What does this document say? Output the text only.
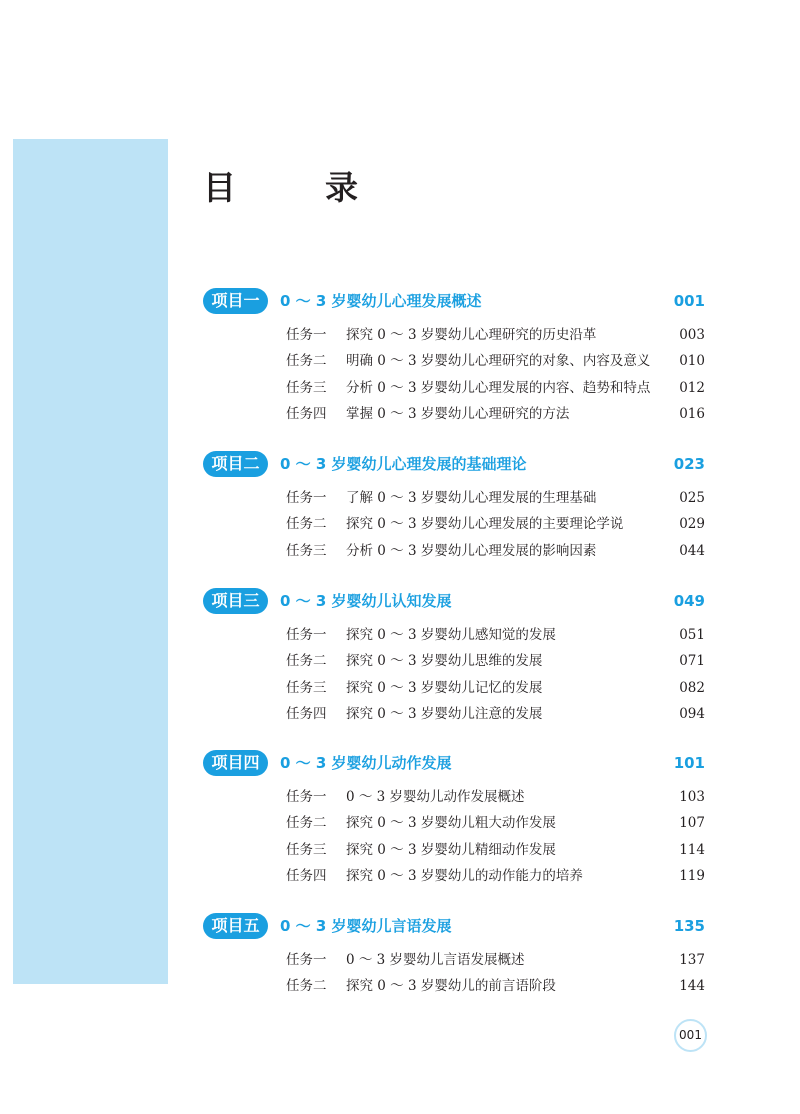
目　录
项目一	0 ～ 3 岁婴幼儿心理发展概述	001
任务一 探究 0 ～ 3 岁婴幼儿心理研究的历史沿革	003
任务二 明确 0 ～ 3 岁婴幼儿心理研究的对象、内容及意义 010
任务三 分析 0 ～ 3 岁婴幼儿心理发展的内容、趋势和特点 012
任务四 掌握 0 ～ 3 岁婴幼儿心理研究的方法	016
项目二	0 ～ 3 岁婴幼儿心理发展的基础理论	023
任务一 了解 0 ～ 3 岁婴幼儿心理发展的生理基础	025
任务二 探究 0 ～ 3 岁婴幼儿心理发展的主要理论学说	029
任务三 分析 0 ～ 3 岁婴幼儿心理发展的影响因素	044
项目三	0 ～ 3 岁婴幼儿认知发展	049
任务一 探究 0 ～ 3 岁婴幼儿感知觉的发展	051
任务二 探究 0 ～ 3 岁婴幼儿思维的发展	071
任务三 探究 0 ～ 3 岁婴幼儿记忆的发展	082
任务四 探究 0 ～ 3 岁婴幼儿注意的发展	094
项目四	0 ～ 3 岁婴幼儿动作发展	101
任务一 0 ～ 3 岁婴幼儿动作发展概述	103
任务二 探究 0 ～ 3 岁婴幼儿粗大动作发展	107
任务三 探究 0 ～ 3 岁婴幼儿精细动作发展	114
任务四 探究 0 ～ 3 岁婴幼儿的动作能力的培养	119
项目五	0 ～ 3 岁婴幼儿言语发展	135
任务一 0 ～ 3 岁婴幼儿言语发展概述	137
任务二 探究 0 ～ 3 岁婴幼儿的前言语阶段	144
001
